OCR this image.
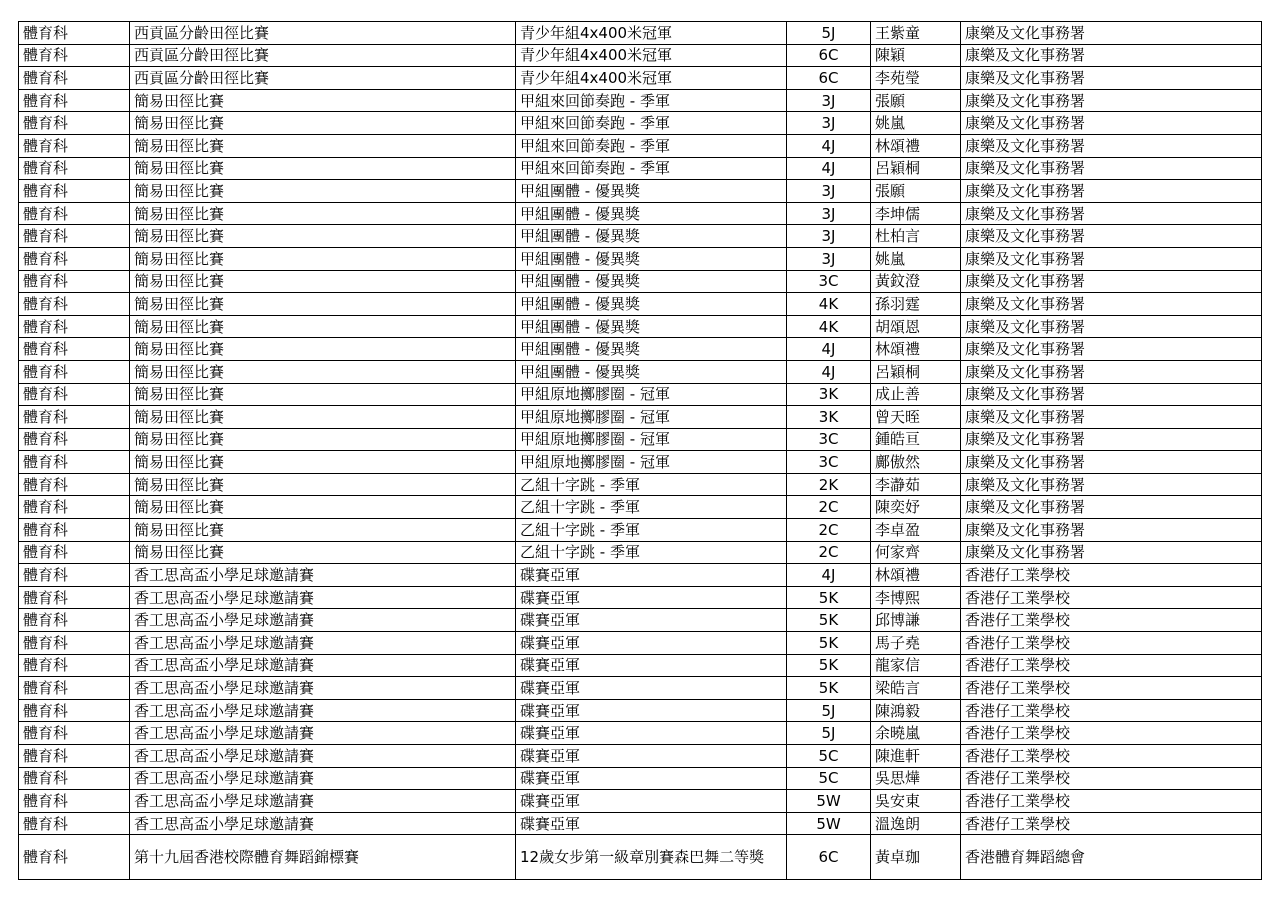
體育科	西貢區分齡田徑比賽	青少年組4x400米冠軍	5J	王紫童	康樂及文化事務署
體育科	西貢區分齡田徑比賽	青少年組4x400米冠軍	6C	陳穎	康樂及文化事務署
體育科	西貢區分齡田徑比賽	青少年組4x400米冠軍	6C	李苑瑩	康樂及文化事務署
體育科	簡易田徑比賽	甲組來回節奏跑 - 季軍	3J	張願	康樂及文化事務署
體育科	簡易田徑比賽	甲組來回節奏跑 - 季軍	3J	姚嵐	康樂及文化事務署
體育科	簡易田徑比賽	甲組來回節奏跑 - 季軍	4J	林頌禮	康樂及文化事務署
體育科	簡易田徑比賽	甲組來回節奏跑 - 季軍	4J	呂穎桐	康樂及文化事務署
體育科	簡易田徑比賽	甲組團體 - 優異獎	3J	張願	康樂及文化事務署
體育科	簡易田徑比賽	甲組團體 - 優異獎	3J	李坤儒	康樂及文化事務署
體育科	簡易田徑比賽	甲組團體 - 優異獎	3J	杜柏言	康樂及文化事務署
體育科	簡易田徑比賽	甲組團體 - 優異獎	3J	姚嵐	康樂及文化事務署
體育科	簡易田徑比賽	甲組團體 - 優異獎	3C	黃鈫澄	康樂及文化事務署
體育科	簡易田徑比賽	甲組團體 - 優異獎	4K	孫羽霆	康樂及文化事務署
體育科	簡易田徑比賽	甲組團體 - 優異獎	4K	胡頌恩	康樂及文化事務署
體育科	簡易田徑比賽	甲組團體 - 優異獎	4J	林頌禮	康樂及文化事務署
體育科	簡易田徑比賽	甲組團體 - 優異獎	4J	呂穎桐	康樂及文化事務署
體育科	簡易田徑比賽	甲組原地擲膠圈 - 冠軍	3K	成止善	康樂及文化事務署
體育科	簡易田徑比賽	甲組原地擲膠圈 - 冠軍	3K	曾天晊	康樂及文化事務署
體育科	簡易田徑比賽	甲組原地擲膠圈 - 冠軍	3C	鍾皓亘	康樂及文化事務署
體育科	簡易田徑比賽	甲組原地擲膠圈 - 冠軍	3C	鄺傲然	康樂及文化事務署
體育科	簡易田徑比賽	乙組十字跳 - 季軍	2K	李瀞茹	康樂及文化事務署
體育科	簡易田徑比賽	乙組十字跳 - 季軍	2C	陳奕妤	康樂及文化事務署
體育科	簡易田徑比賽	乙組十字跳 - 季軍	2C	李卓盈	康樂及文化事務署
體育科	簡易田徑比賽	乙組十字跳 - 季軍	2C	何家齊	康樂及文化事務署
體育科	香工思高盃小學足球邀請賽	碟賽亞軍	4J	林頌禮	香港仔工業學校
體育科	香工思高盃小學足球邀請賽	碟賽亞軍	5K	李博熙	香港仔工業學校
體育科	香工思高盃小學足球邀請賽	碟賽亞軍	5K	邱博謙	香港仔工業學校
體育科	香工思高盃小學足球邀請賽	碟賽亞軍	5K	馬子堯	香港仔工業學校
體育科	香工思高盃小學足球邀請賽	碟賽亞軍	5K	龍家信	香港仔工業學校
體育科	香工思高盃小學足球邀請賽	碟賽亞軍	5K	梁皓言	香港仔工業學校
體育科	香工思高盃小學足球邀請賽	碟賽亞軍	5J	陳鴻毅	香港仔工業學校
體育科	香工思高盃小學足球邀請賽	碟賽亞軍	5J	余曉嵐	香港仔工業學校
體育科	香工思高盃小學足球邀請賽	碟賽亞軍	5C	陳進軒	香港仔工業學校
體育科	香工思高盃小學足球邀請賽	碟賽亞軍	5C	吳思燁	香港仔工業學校
體育科	香工思高盃小學足球邀請賽	碟賽亞軍	5W	吳安東	香港仔工業學校
體育科	香工思高盃小學足球邀請賽	碟賽亞軍	5W	溫逸朗	香港仔工業學校
體育科	第十九屆香港校際體育舞蹈錦標賽	12歲女步第一級章別賽森巴舞二等獎	6C	黃卓珈	香港體育舞蹈總會
